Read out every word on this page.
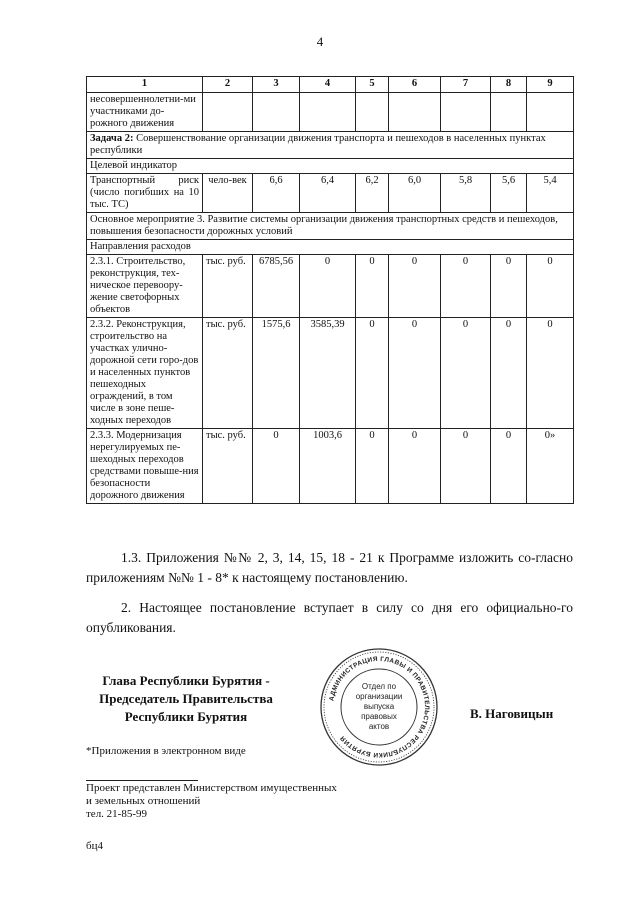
4
1	2	3	4	5	6	7	8	9
несовершеннолетни-ми участниками до-рожного движения								
Задача 2: Совершенствование организации движения транспорта и пешеходов в населенных пунктах республики								
Целевой индикатор								
Транспортный риск (число погибших на 10 тыс. ТС)	чело-век	6,6	6,4	6,2	6,0	5,8	5,6	5,4
Основное мероприятие 3. Развитие системы организации движения транспортных средств и пешеходов, повышения безопасности дорожных условий								
Направления расходов								
2.3.1. Строительство, реконструкция, тех-ническое перевоору-жение светофорных объектов	тыс. руб.	6785,56	0	0	0	0	0	0
2.3.2. Реконструкция, строительство на участках улично-дорожной сети горо-дов и населенных пунктов пешеходных ограждений, в том числе в зоне пеше-ходных переходов	тыс. руб.	1575,6	3585,39	0	0	0	0	0
2.3.3. Модернизация нерегулируемых пе-шеходных переходов средствами повыше-ния безопасности дорожного движения	тыс. руб.	0	1003,6	0	0	0	0	0»
1.3. Приложения №№ 2, 3, 14, 15, 18 - 21 к Программе изложить со-гласно приложениям №№ 1 - 8* к настоящему постановлению.
2. Настоящее постановление вступает в силу со дня его официально-го опубликования.
Глава Республики Бурятия -
Председатель Правительства
Республики Бурятия
АДМИНИСТРАЦИЯ ГЛАВЫ И ПРАВИТЕЛЬСТВА РЕСПУБЛИКИ БУРЯТИЯ
Отдел по
организации
выпуска
правовых
актов
В. Наговицын
*Приложения в электронном виде
Проект представлен Министерством имущественных
и земельных отношений
тел. 21-85-99
бц4
